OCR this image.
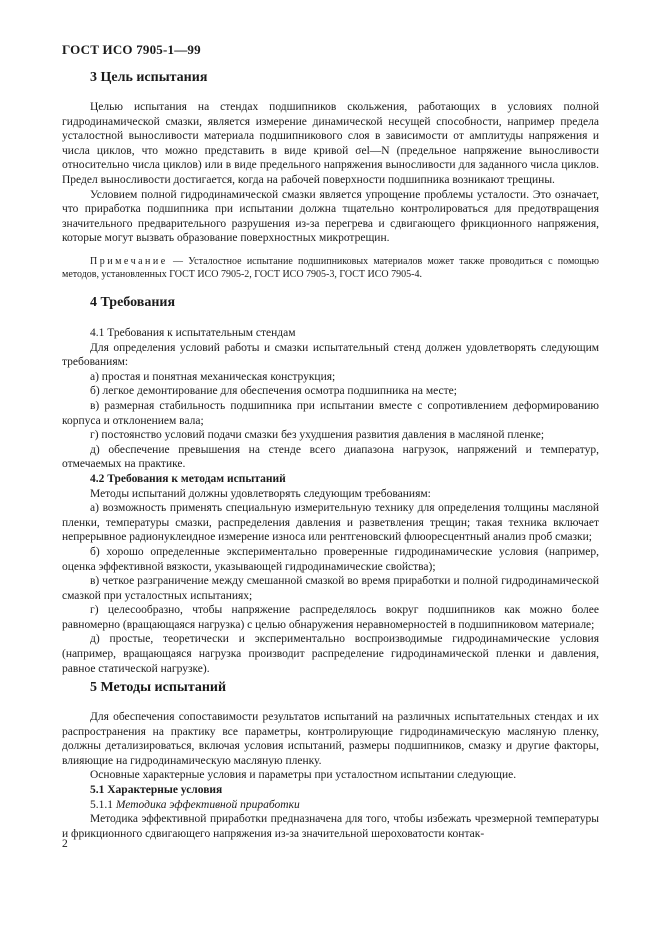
ГОСТ ИСО 7905-1—99
3 Цель испытания

Целью испытания на стендах подшипников скольжения, работающих в условиях полной гидродинамической смазки, является измерение динамической несущей способности, например предела усталостной выносливости материала подшипникового слоя в зависимости от амплитуды напряжения и числа циклов, что можно представить в виде кривой σel—N (предельное напряжение выносливости относительно числа циклов) или в виде предельного напряжения выносливости для заданного числа циклов. Предел выносливости достигается, когда на рабочей поверхности подшипника возникают трещины.

Условием полной гидродинамической смазки является упрощение проблемы усталости. Это означает, что приработка подшипника при испытании должна тщательно контролироваться для предотвращения значительного предварительного разрушения из-за перегрева и сдвигающего фрикционного напряжения, которые могут вызвать образование поверхностных микротрещин.

Примечание — Усталостное испытание подшипниковых материалов может также проводиться с помощью методов, установленных ГОСТ ИСО 7905-2, ГОСТ ИСО 7905-3, ГОСТ ИСО 7905-4.

4 Требования

4.1 Требования к испытательным стендам

Для определения условий работы и смазки испытательный стенд должен удовлетворять следующим требованиям:

а) простая и понятная механическая конструкция;

б) легкое демонтирование для обеспечения осмотра подшипника на месте;

в) размерная стабильность подшипника при испытании вместе с сопротивлением деформированию корпуса и отклонением вала;

г) постоянство условий подачи смазки без ухудшения развития давления в масляной пленке;

д) обеспечение превышения на стенде всего диапазона нагрузок, напряжений и температур, отмечаемых на практике.

4.2 Требования к методам испытаний

Методы испытаний должны удовлетворять следующим требованиям:

а) возможность применять специальную измерительную технику для определения толщины масляной пленки, температуры смазки, распределения давления и разветвления трещин; такая техника включает непрерывное радионуклеидное измерение износа или рентгеновский флюоресцентный анализ проб смазки;

б) хорошо определенные экспериментально проверенные гидродинамические условия (например, оценка эффективной вязкости, указывающей гидродинамические свойства);

в) четкое разграничение между смешанной смазкой во время приработки и полной гидродинамической смазкой при усталостных испытаниях;

г) целесообразно, чтобы напряжение распределялось вокруг подшипников как можно более равномерно (вращающаяся нагрузка) с целью обнаружения неравномерностей в подшипниковом материале;

д) простые, теоретически и экспериментально воспроизводимые гидродинамические условия (например, вращающаяся нагрузка производит распределение гидродинамической пленки и давления, равное статической нагрузке).

5 Методы испытаний

Для обеспечения сопоставимости результатов испытаний на различных испытательных стендах и их распространения на практику все параметры, контролирующие гидродинамическую масляную пленку, должны детализироваться, включая условия испытаний, размеры подшипников, смазку и другие факторы, влияющие на гидродинамическую масляную пленку.

Основные характерные условия и параметры при усталостном испытании следующие.

5.1 Характерные условия

5.1.1 Методика эффективной приработки

Методика эффективной приработки предназначена для того, чтобы избежать чрезмерной температуры и фрикционного сдвигающего напряжения из-за значительной шероховатости контак-

2
